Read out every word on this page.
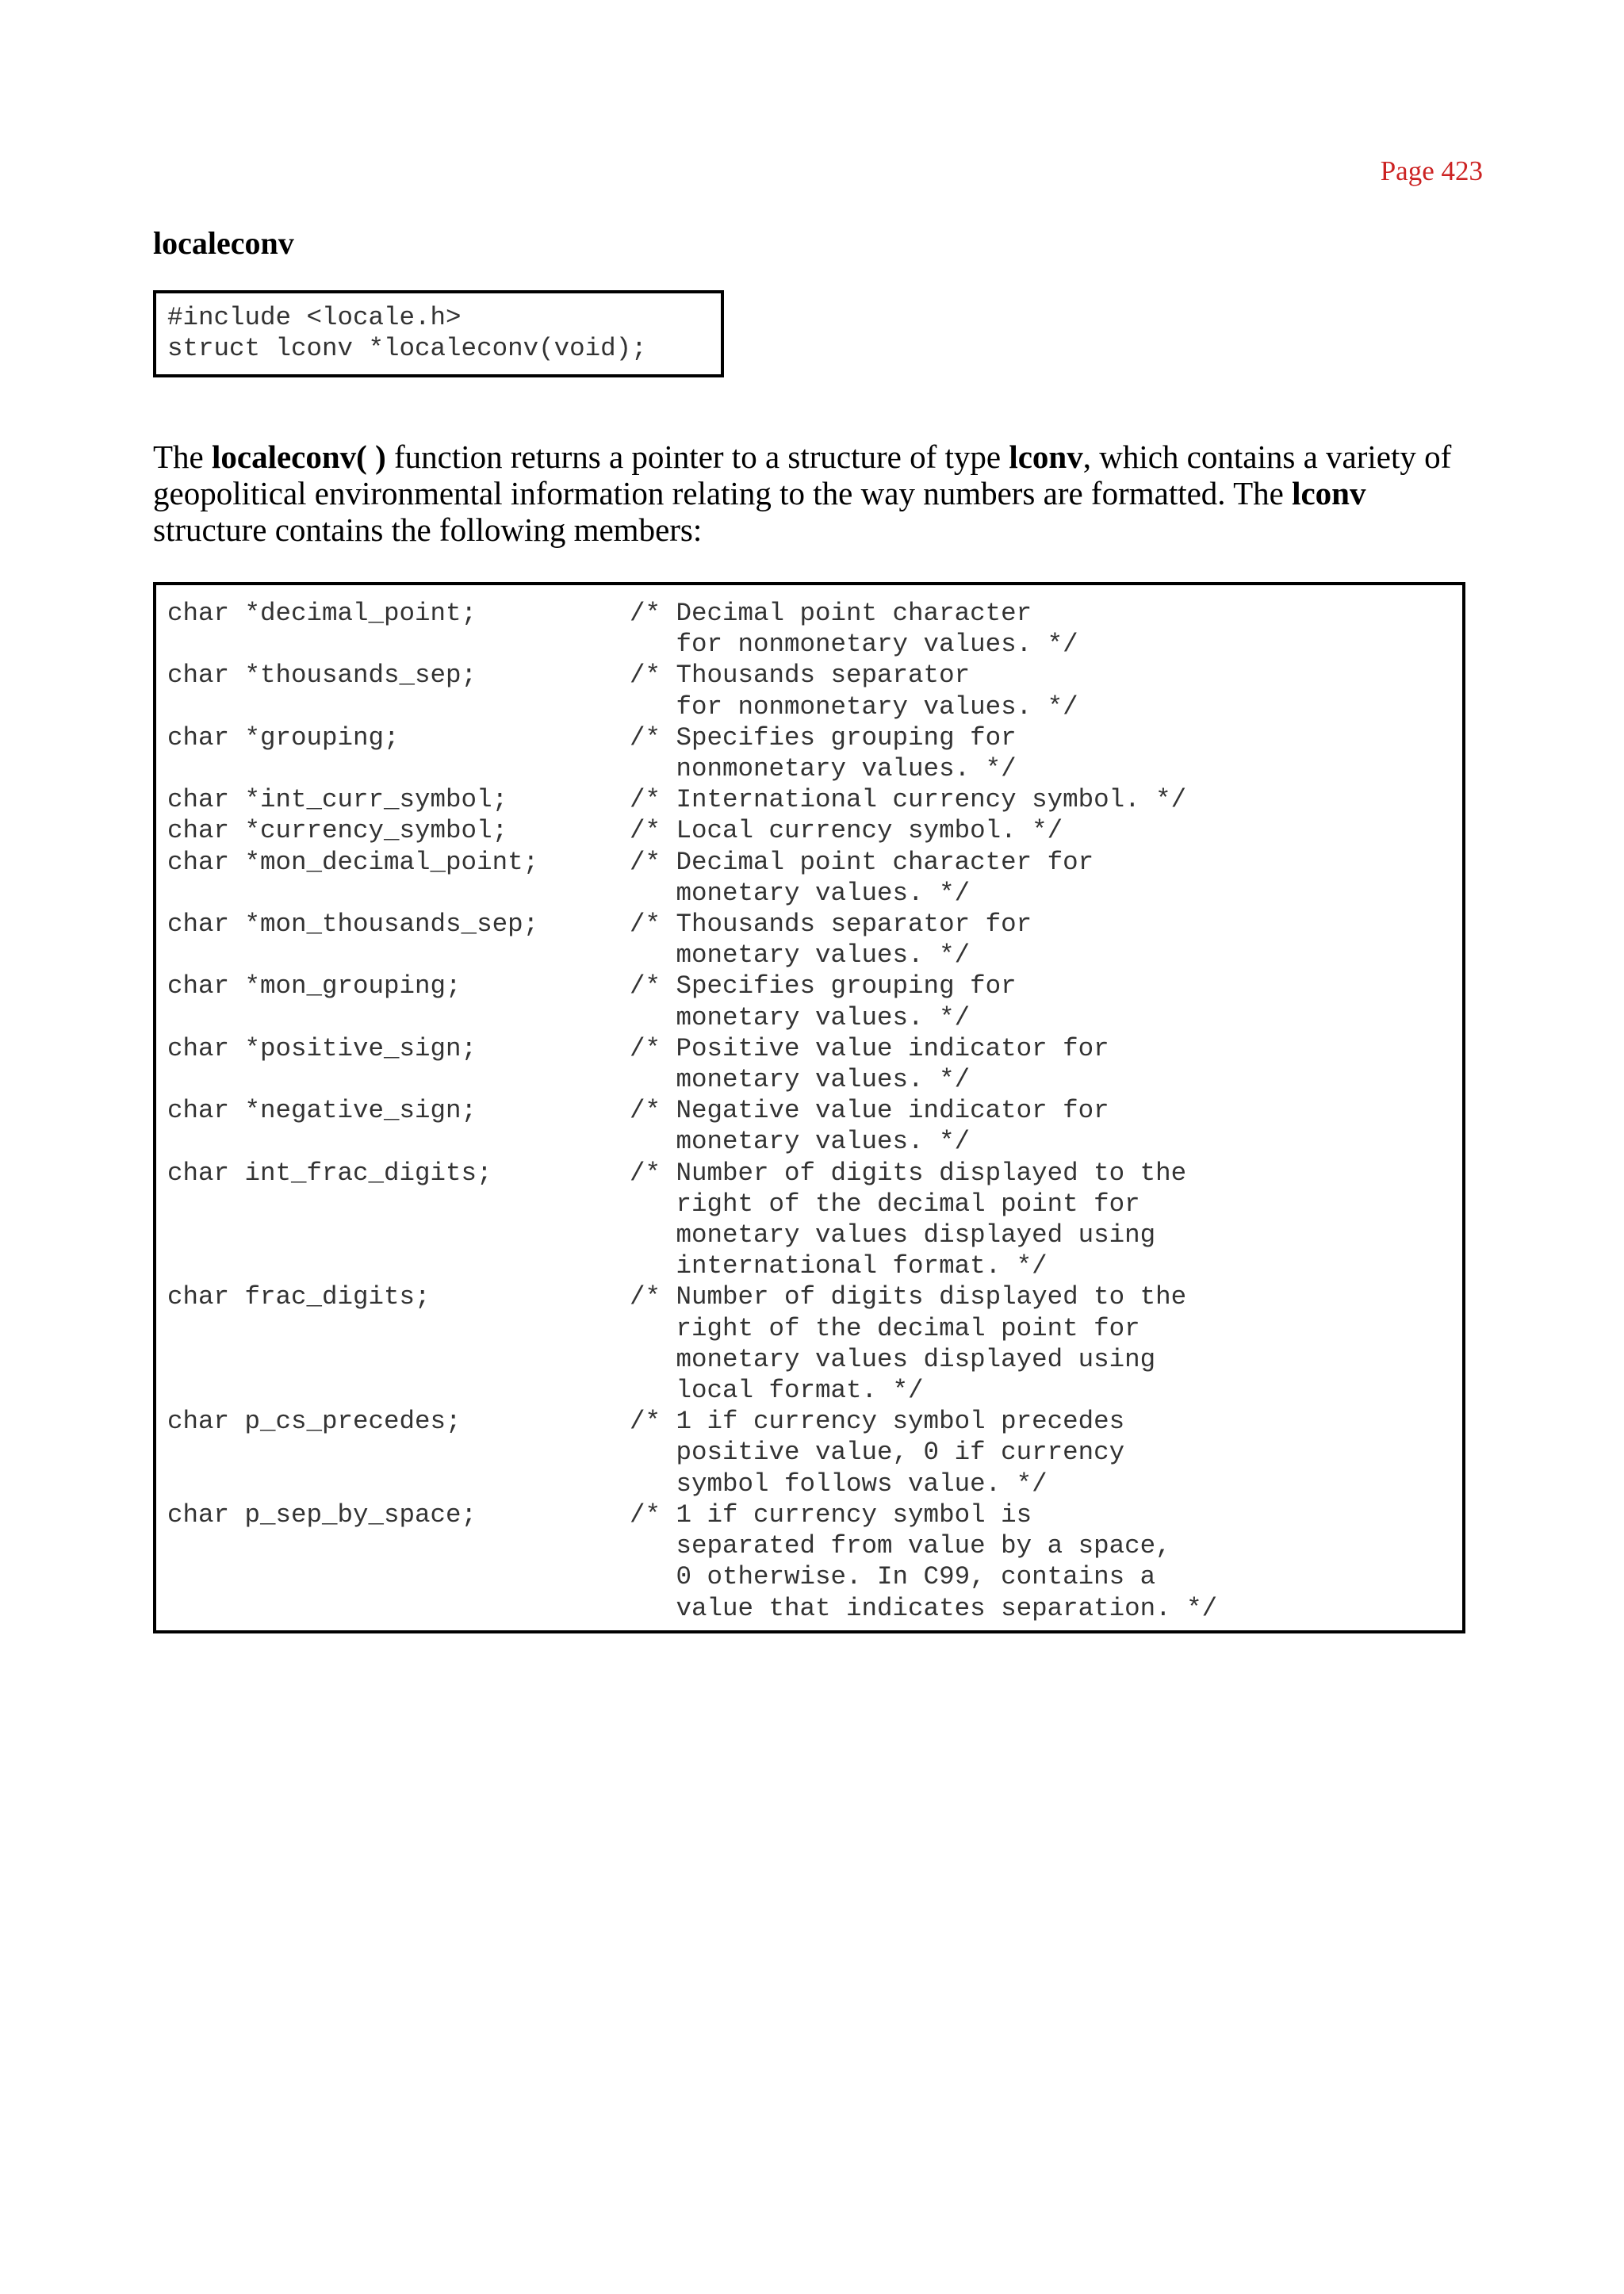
Page 423
localeconv
#include <locale.h>
struct lconv *localeconv(void);
The localeconv( ) function returns a pointer to a structure of type lconv, which contains a variety of geopolitical environmental information relating to the way numbers are formatted. The lconv structure contains the following members:
char *decimal_point;	/* Decimal point character
for nonmonetary values. */
char *thousands_sep;	/* Thousands separator
for nonmonetary values. */
char *grouping;	/* Specifies grouping for
nonmonetary values. */
char *int_curr_symbol;	/* International currency symbol. */
char *currency_symbol;	/* Local currency symbol. */
char *mon_decimal_point;	/* Decimal point character for
monetary values. */
char *mon_thousands_sep;	/* Thousands separator for
monetary values. */
char *mon_grouping;	/* Specifies grouping for
monetary values. */
char *positive_sign;	/* Positive value indicator for
monetary values. */
char *negative_sign;	/* Negative value indicator for
monetary values. */
char int_frac_digits;	/* Number of digits displayed to the
right of the decimal point for
monetary values displayed using
international format. */
char frac_digits;	/* Number of digits displayed to the
right of the decimal point for
monetary values displayed using
local format. */
char p_cs_precedes;	/* 1 if currency symbol precedes
positive value, 0 if currency
symbol follows value. */
char p_sep_by_space;	/* 1 if currency symbol is
separated from value by a space,
0 otherwise. In C99, contains a
value that indicates separation. */
